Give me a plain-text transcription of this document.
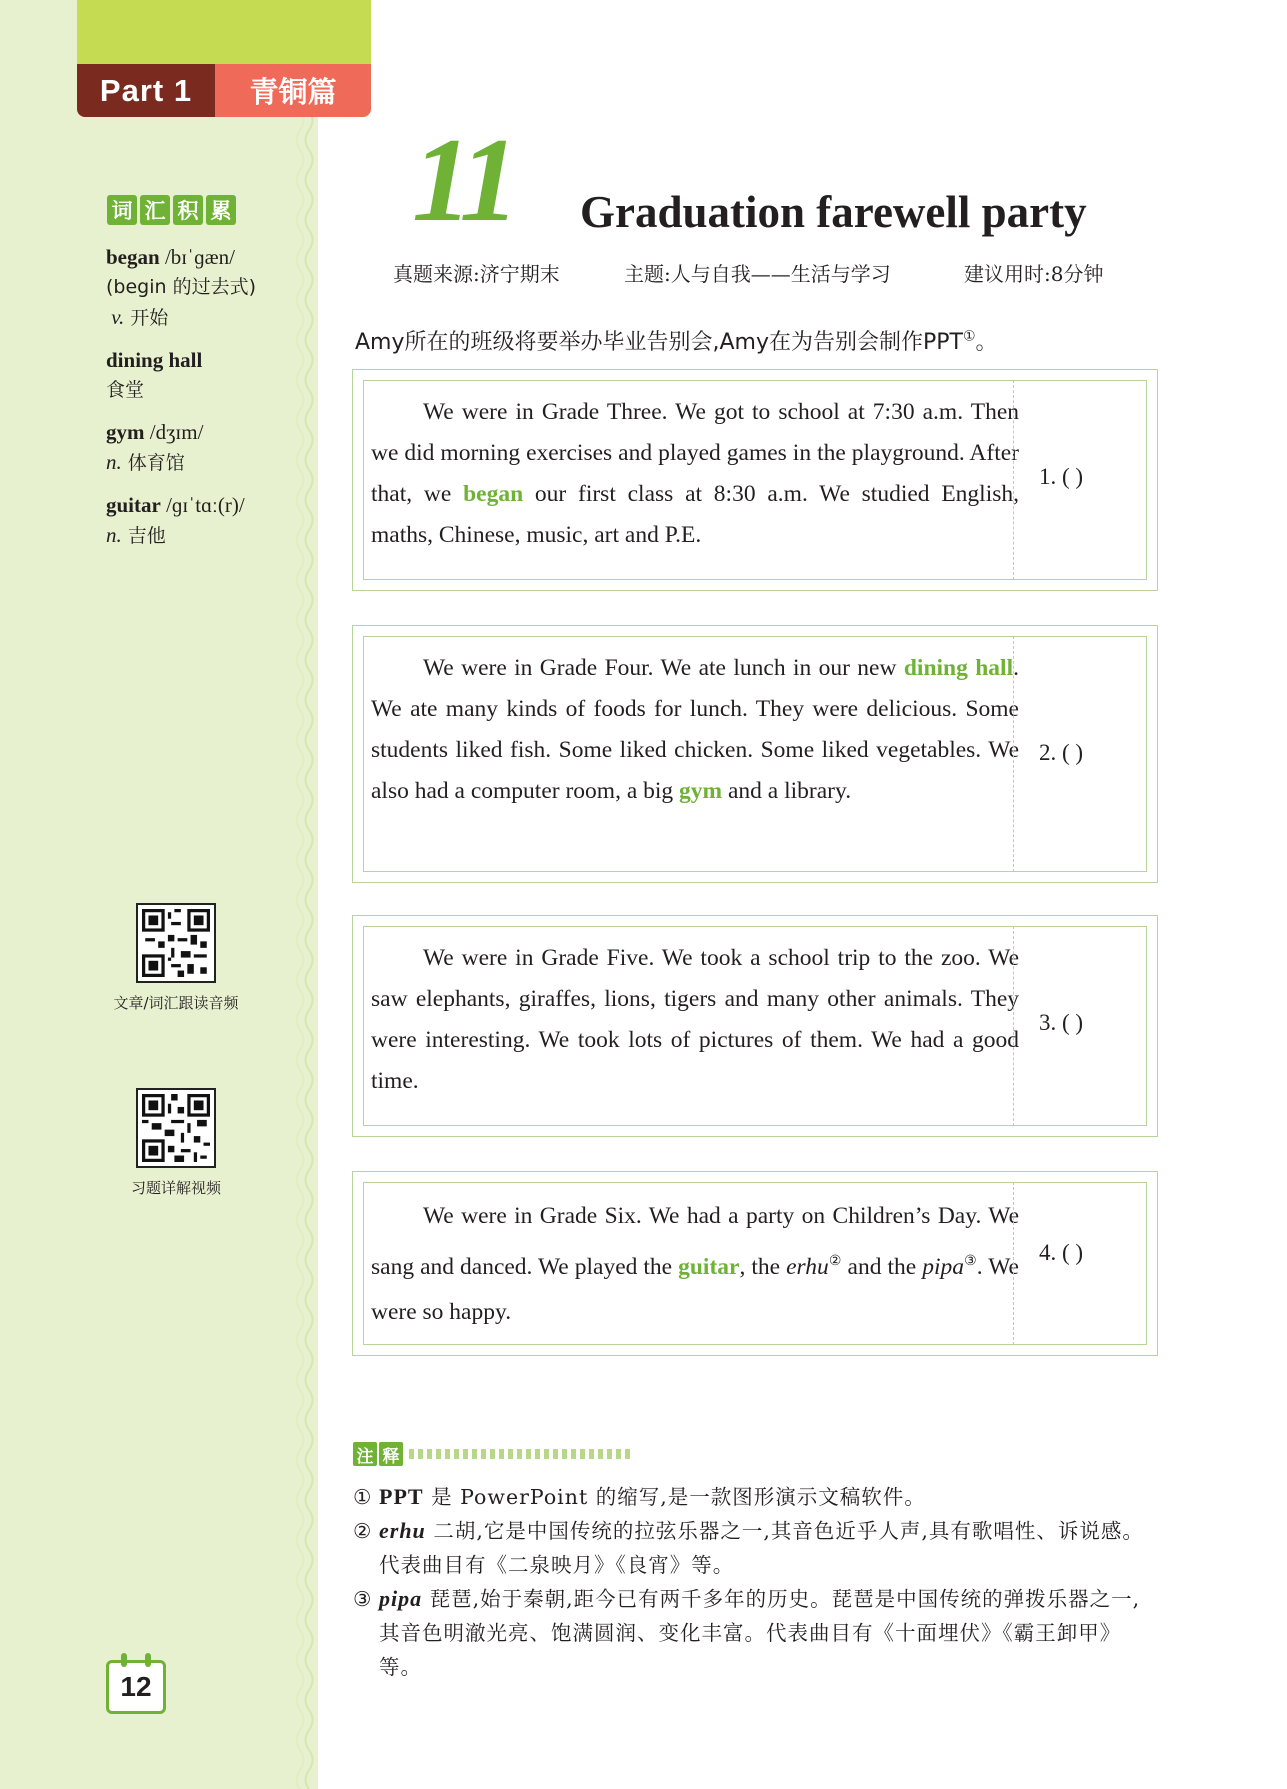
Part 1	青铜篇
词 汇 积 累
began /bɪˈɡæn/
(begin 的过去式)
v. 开始
dining hall
食堂
gym /dʒɪm/
n. 体育馆
guitar /ɡɪˈtɑː(r)/
n. 吉他
文章/词汇跟读音频
习题详解视频
12
11 Graduation farewell party
真题来源:济宁期末	主题:人与自我——生活与学习	建议用时:8分钟
Amy所在的班级将要举办毕业告别会,Amy在为告别会制作PPT①。

We were in Grade Three. We got to school at 7:30 a.m. Then we did morning exercises and played games in the playground. After that, we began our first class at 8:30 a.m. We studied English, maths, Chinese, music, art and P.E.

1. ( )

We were in Grade Four. We ate lunch in our new dining hall. We ate many kinds of foods for lunch. They were delicious. Some students liked fish. Some liked chicken. Some liked vegetables. We also had a computer room, a big gym and a library.

2. ( )

We were in Grade Five. We took a school trip to the zoo. We saw elephants, giraffes, lions, tigers and many other animals. They were interesting. We took lots of pictures of them. We had a good time.

3. ( )

We were in Grade Six. We had a party on Children’s Day. We sang and danced. We played the guitar, the erhu② and the pipa③. We were so happy.

4. ( )
注 释
① PPT 是 PowerPoint 的缩写,是一款图形演示文稿软件。
② erhu 二胡,它是中国传统的拉弦乐器之一,其音色近乎人声,具有歌唱性、诉说感。代表曲目有《二泉映月》《良宵》等。
③ pipa 琵琶,始于秦朝,距今已有两千多年的历史。琵琶是中国传统的弹拨乐器之一,其音色明澈光亮、饱满圆润、变化丰富。代表曲目有《十面埋伏》《霸王卸甲》等。
